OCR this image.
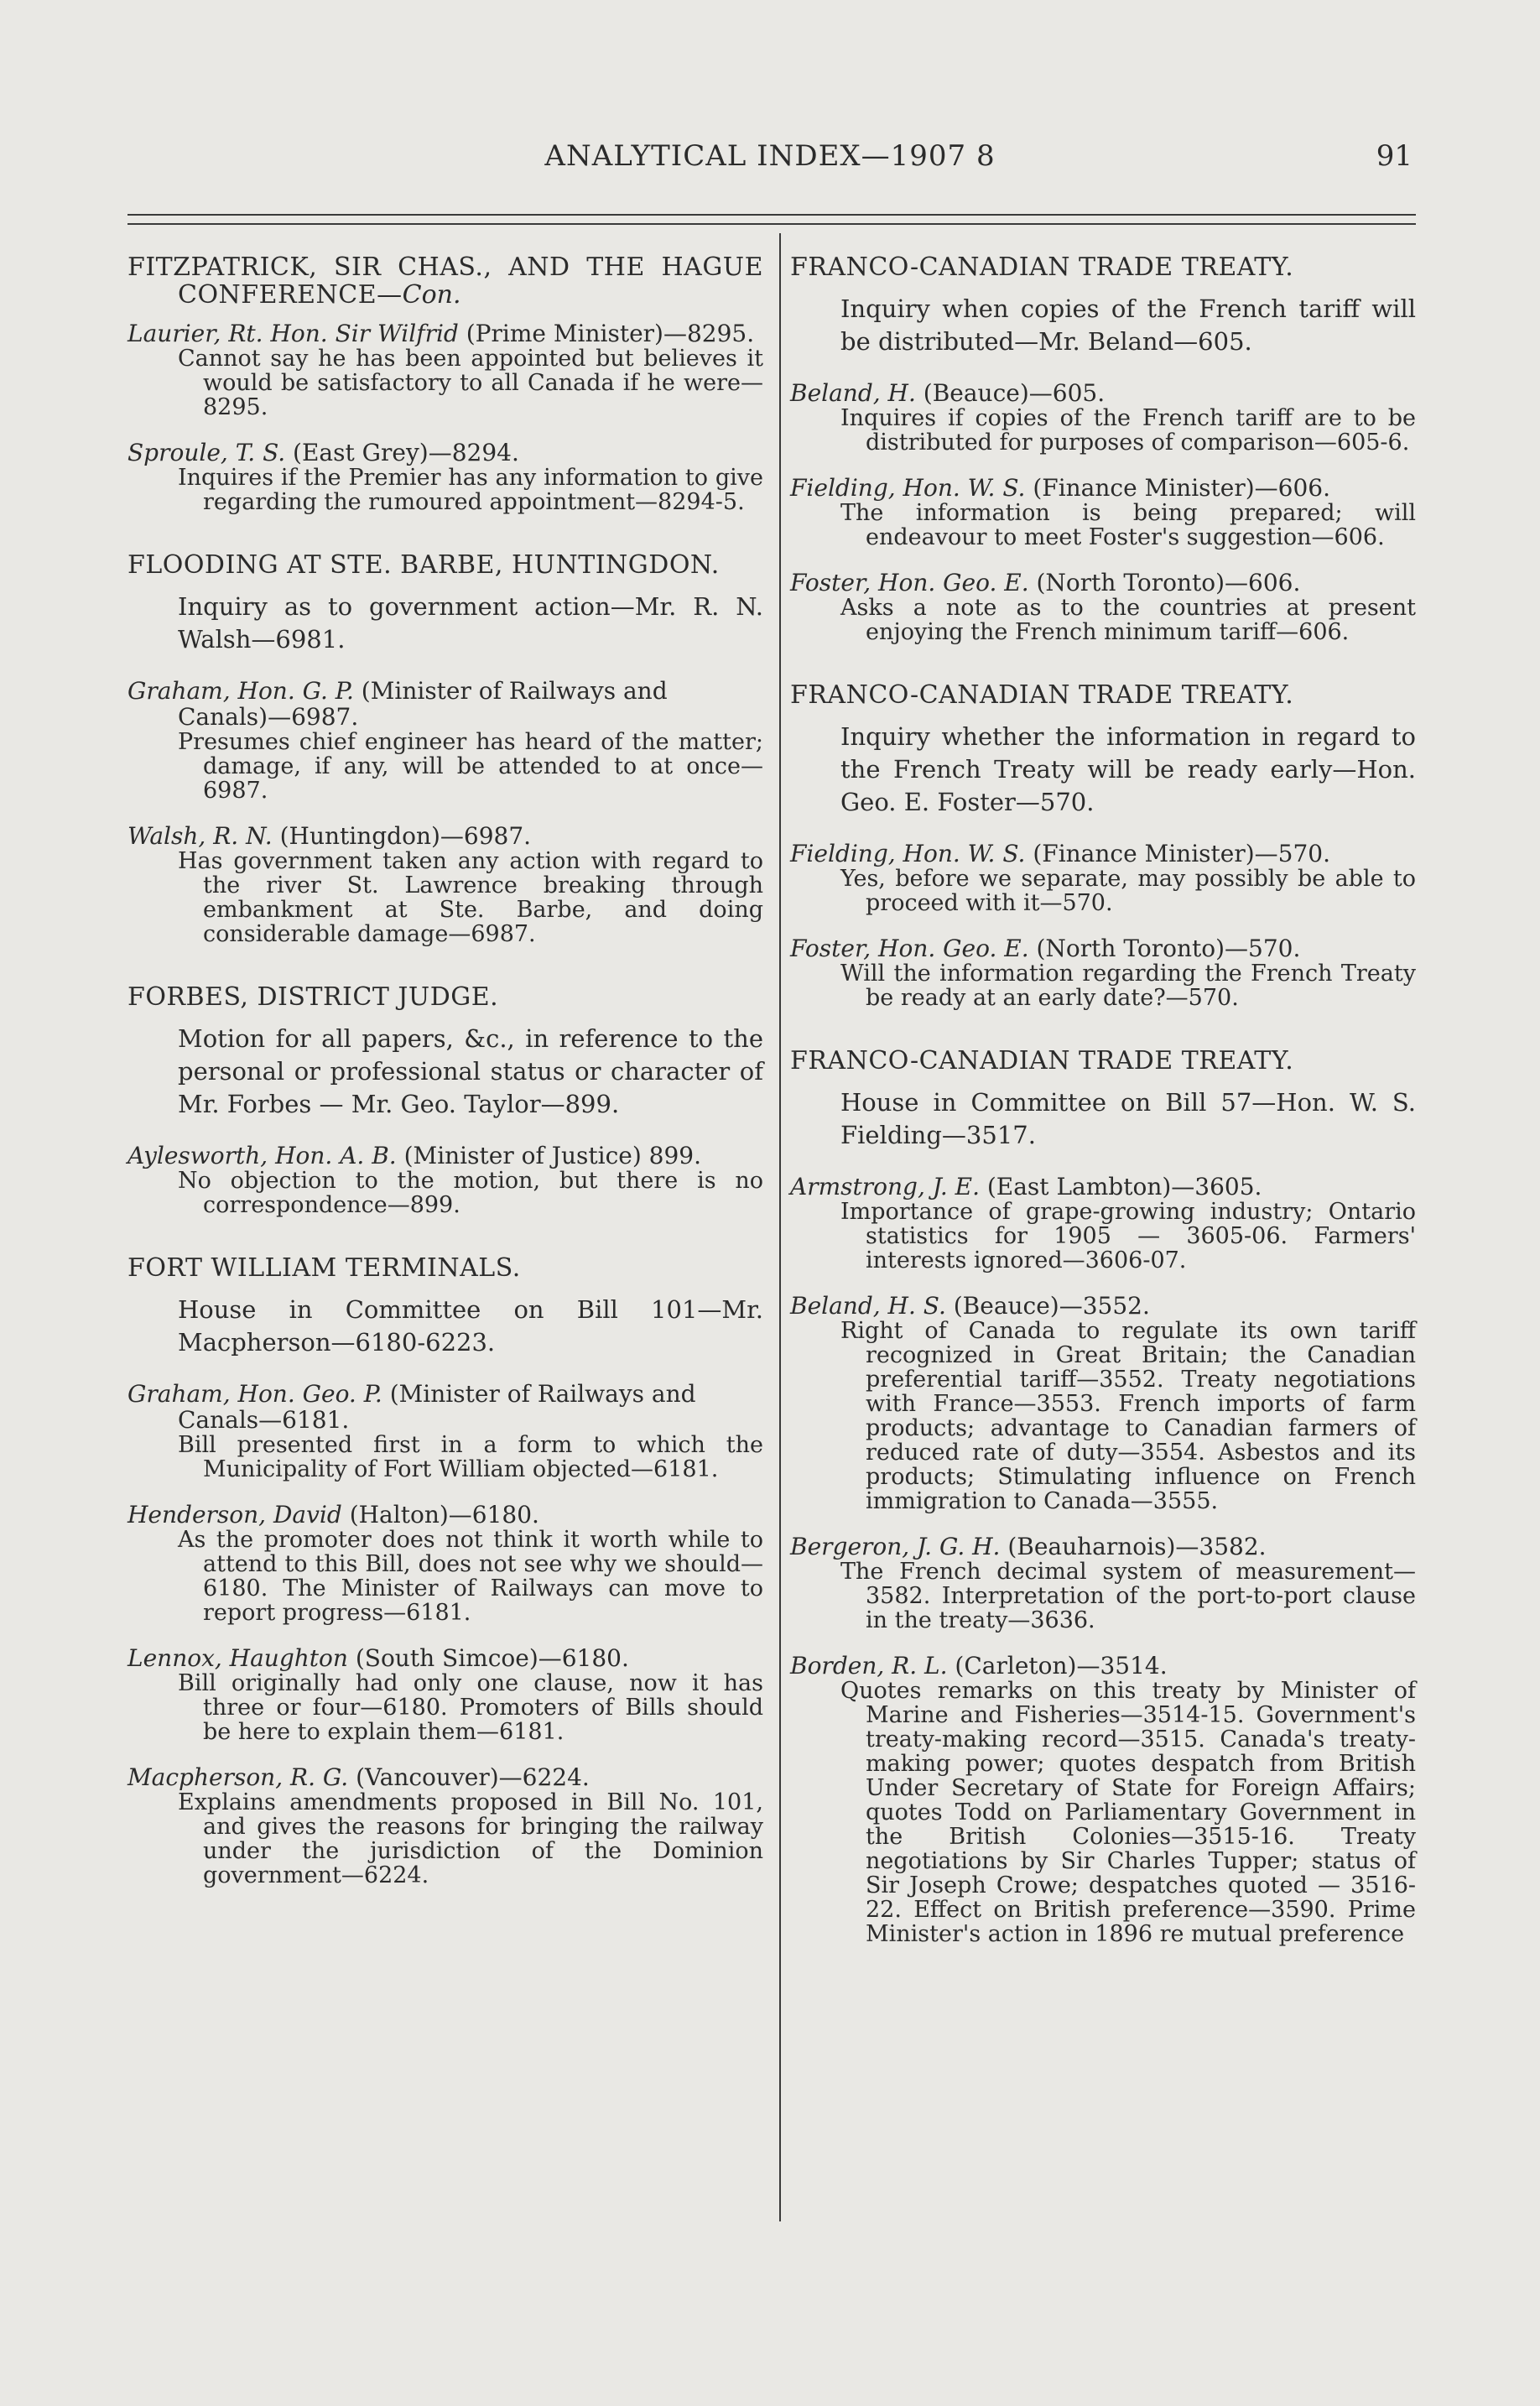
ANALYTICAL INDEX—1907 8	91
FITZPATRICK, SIR CHAS., AND THE HAGUE CONFERENCE—Con.
Laurier, Rt. Hon. Sir Wilfrid (Prime Minister)—8295.
Cannot say he has been appointed but believes it would be satisfactory to all Canada if he were—8295.
Sproule, T. S. (East Grey)—8294.
Inquires if the Premier has any information to give regarding the rumoured appointment—8294-5.
FLOODING AT STE. BARBE, HUNTINGDON.
Inquiry as to government action—Mr. R. N. Walsh—6981.
Graham, Hon. G. P. (Minister of Railways and Canals)—6987.
Presumes chief engineer has heard of the matter; damage, if any, will be attended to at once—6987.
Walsh, R. N. (Huntingdon)—6987.
Has government taken any action with regard to the river St. Lawrence breaking through embankment at Ste. Barbe, and doing considerable damage—6987.
FORBES, DISTRICT JUDGE.
Motion for all papers, &c., in reference to the personal or professional status or character of Mr. Forbes — Mr. Geo. Taylor—899.
Aylesworth, Hon. A. B. (Minister of Justice) 899.
No objection to the motion, but there is no correspondence—899.
FORT WILLIAM TERMINALS.
House in Committee on Bill 101—Mr. Macpherson—6180-6223.
Graham, Hon. Geo. P. (Minister of Railways and Canals—6181.
Bill presented first in a form to which the Municipality of Fort William objected—6181.
Henderson, David (Halton)—6180.
As the promoter does not think it worth while to attend to this Bill, does not see why we should—6180. The Minister of Railways can move to report progress—6181.
Lennox, Haughton (South Simcoe)—6180.
Bill originally had only one clause, now it has three or four—6180. Promoters of Bills should be here to explain them—6181.
Macpherson, R. G. (Vancouver)—6224.
Explains amendments proposed in Bill No. 101, and gives the reasons for bringing the railway under the jurisdiction of the Dominion government—6224.
FRANCO-CANADIAN TRADE TREATY.
Inquiry when copies of the French tariff will be distributed—Mr. Beland—605.
Beland, H. (Beauce)—605.
Inquires if copies of the French tariff are to be distributed for purposes of comparison—605-6.
Fielding, Hon. W. S. (Finance Minister)—606.
The information is being prepared; will endeavour to meet Foster's suggestion—606.
Foster, Hon. Geo. E. (North Toronto)—606.
Asks a note as to the countries at present enjoying the French minimum tariff—606.
FRANCO-CANADIAN TRADE TREATY.
Inquiry whether the information in regard to the French Treaty will be ready early—Hon. Geo. E. Foster—570.
Fielding, Hon. W. S. (Finance Minister)—570.
Yes, before we separate, may possibly be able to proceed with it—570.
Foster, Hon. Geo. E. (North Toronto)—570.
Will the information regarding the French Treaty be ready at an early date?—570.
FRANCO-CANADIAN TRADE TREATY.
House in Committee on Bill 57—Hon. W. S. Fielding—3517.
Armstrong, J. E. (East Lambton)—3605.
Importance of grape-growing industry; Ontario statistics for 1905 — 3605-06. Farmers' interests ignored—3606-07.
Beland, H. S. (Beauce)—3552.
Right of Canada to regulate its own tariff recognized in Great Britain; the Canadian preferential tariff—3552. Treaty negotiations with France—3553. French imports of farm products; advantage to Canadian farmers of reduced rate of duty—3554. Asbestos and its products; Stimulating influence on French immigration to Canada—3555.
Bergeron, J. G. H. (Beauharnois)—3582.
The French decimal system of measurement—3582. Interpretation of the port-to-port clause in the treaty—3636.
Borden, R. L. (Carleton)—3514.
Quotes remarks on this treaty by Minister of Marine and Fisheries—3514-15. Government's treaty-making record—3515. Canada's treaty-making power; quotes despatch from British Under Secretary of State for Foreign Affairs; quotes Todd on Parliamentary Government in the British Colonies—3515-16. Treaty negotiations by Sir Charles Tupper; status of Sir Joseph Crowe; despatches quoted — 3516-22. Effect on British preference—3590. Prime Minister's action in 1896 re mutual preference
